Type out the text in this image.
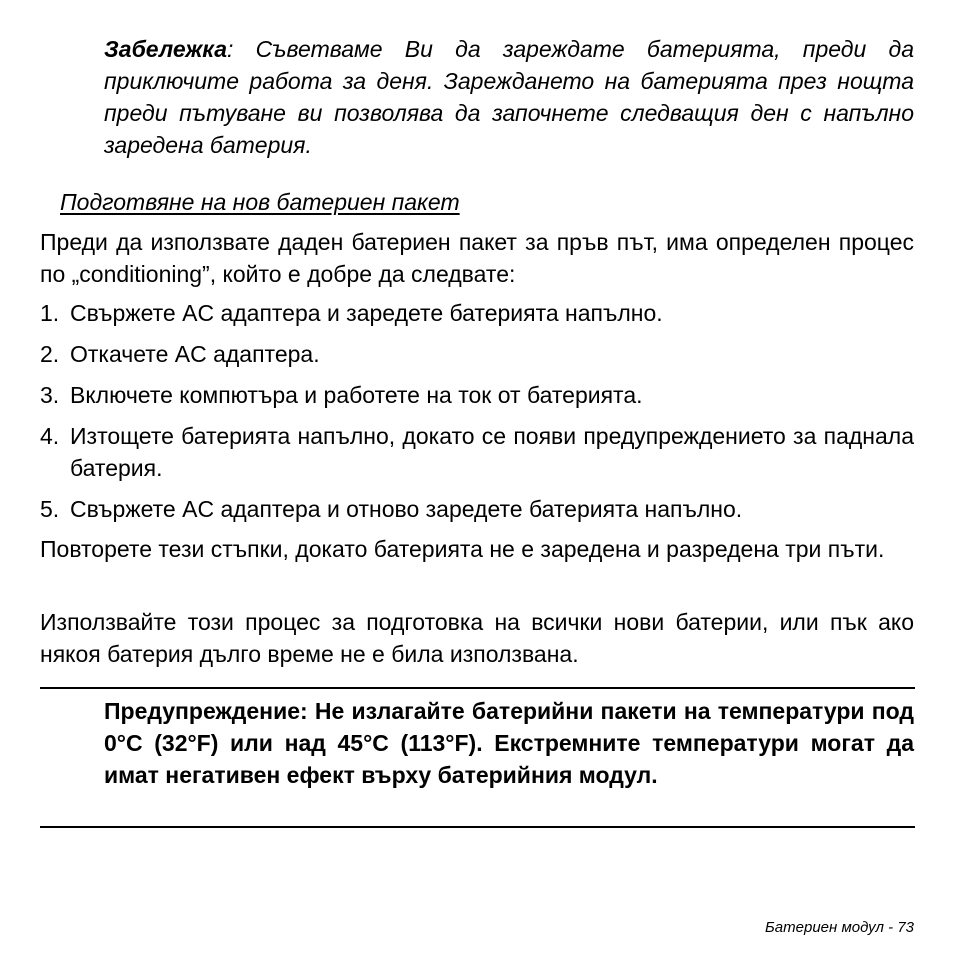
Забележка: Съветваме Ви да зареждате батерията, преди да приключите работа за деня. Зареждането на батерията през нощта преди пътуване ви позволява да започнете следващия ден с напълно заредена батерия.
Подготвяне на нов батериен пакет
Преди да използвате даден батериен пакет за пръв път, има определен процес по „conditioning”, който е добре да следвате:
1. Свържете AC адаптера и заредете батерията напълно.
2. Откачете AC адаптера.
3. Включете компютъра и работете на ток от батерията.
4. Изтощете батерията напълно, докато се появи предупреждението за паднала батерия.
5. Свържете AC адаптера и отново заредете батерията напълно.
Повторете тези стъпки, докато батерията не е заредена и разредена три пъти.
Използвайте този процес за подготовка на всички нови батерии, или пък ако някоя батерия дълго време не е била използвана.
Предупреждение: Не излагайте батерийни пакети на температури под 0°C (32°F) или над 45°C (113°F). Екстремните температури могат да имат негативен ефект върху батерийния модул.
Батериен модул - 73
